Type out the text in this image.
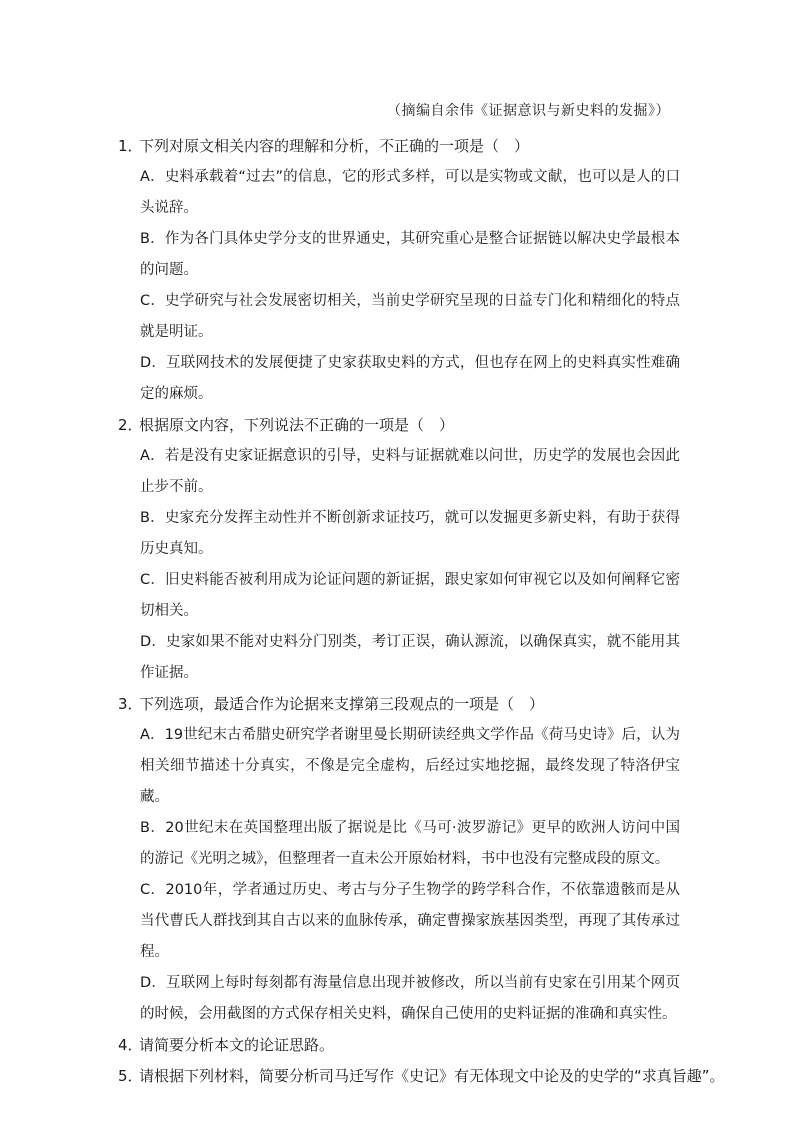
（摘编自余伟《证据意识与新史料的发掘》）
1．下列对原文相关内容的理解和分析，不正确的一项是（　）
A．史料承载着“过去”的信息，它的形式多样，可以是实物或文献，也可以是人的口头说辞。
B．作为各门具体史学分支的世界通史，其研究重心是整合证据链以解决史学最根本的问题。
C．史学研究与社会发展密切相关，当前史学研究呈现的日益专门化和精细化的特点就是明证。
D．互联网技术的发展便捷了史家获取史料的方式，但也存在网上的史料真实性难确定的麻烦。
2．根据原文内容，下列说法不正确的一项是（　）
A．若是没有史家证据意识的引导，史料与证据就难以问世，历史学的发展也会因此止步不前。
B．史家充分发挥主动性并不断创新求证技巧，就可以发掘更多新史料，有助于获得历史真知。
C．旧史料能否被利用成为论证问题的新证据，跟史家如何审视它以及如何阐释它密切相关。
D．史家如果不能对史料分门别类，考订正误，确认源流，以确保真实，就不能用其作证据。
3．下列选项，最适合作为论据来支撑第三段观点的一项是（　）
A．19世纪末古希腊史研究学者谢里曼长期研读经典文学作品《荷马史诗》后，认为相关细节描述十分真实，不像是完全虚构，后经过实地挖掘，最终发现了特洛伊宝藏。
B．20世纪末在英国整理出版了据说是比《马可·波罗游记》更早的欧洲人访问中国的游记《光明之城》，但整理者一直未公开原始材料，书中也没有完整成段的原文。
C．2010年，学者通过历史、考古与分子生物学的跨学科合作，不依靠遗骸而是从当代曹氏人群找到其自古以来的血脉传承，确定曹操家族基因类型，再现了其传承过程。
D．互联网上每时每刻都有海量信息出现并被修改，所以当前有史家在引用某个网页的时候，会用截图的方式保存相关史料，确保自己使用的史料证据的准确和真实性。
4．请简要分析本文的论证思路。
5．请根据下列材料，简要分析司马迁写作《史记》有无体现文中论及的史学的“求真旨趣”。
